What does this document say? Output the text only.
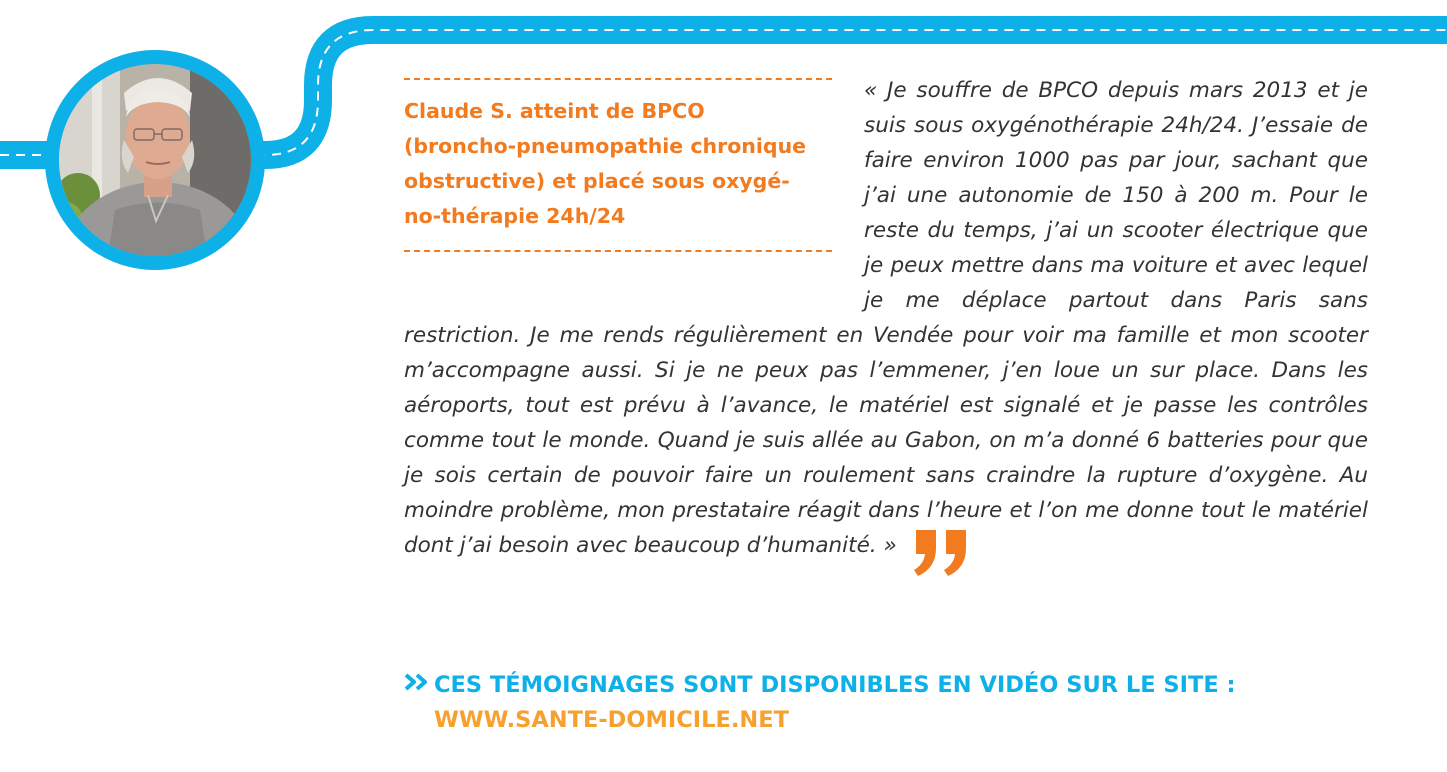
Claude S. atteint de BPCO
(broncho-pneumopathie chronique
obstructive) et placé sous oxygé-
no-thérapie 24h/24

« Je souffre de BPCO depuis mars 2013 et je suis sous oxygénothérapie 24h/24. J’essaie de faire environ 1000 pas par jour, sachant que j’ai une autonomie de 150 à 200 m. Pour le reste du temps, j’ai un scooter électrique que je peux mettre dans ma voiture et avec lequel je me déplace partout dans Paris sans restriction. Je me rends régulièrement en Vendée pour voir ma famille et mon scooter m’accompagne aussi. Si je ne peux pas l’emmener, j’en loue un sur place. Dans les aéroports, tout est prévu à l’avance, le matériel est signalé et je passe les contrôles comme tout le monde. Quand je suis allée au Gabon, on m’a donné 6 batteries pour que je sois certain de pouvoir faire un roulement sans craindre la rupture d’oxygène. Au moindre problème, mon prestataire réagit dans l’heure et l’on me donne tout le matériel dont j’ai besoin avec beaucoup d’humanité. »

CES TÉMOIGNAGES SONT DISPONIBLES EN VIDÉO SUR LE SITE :
WWW.SANTE-DOMICILE.NET
